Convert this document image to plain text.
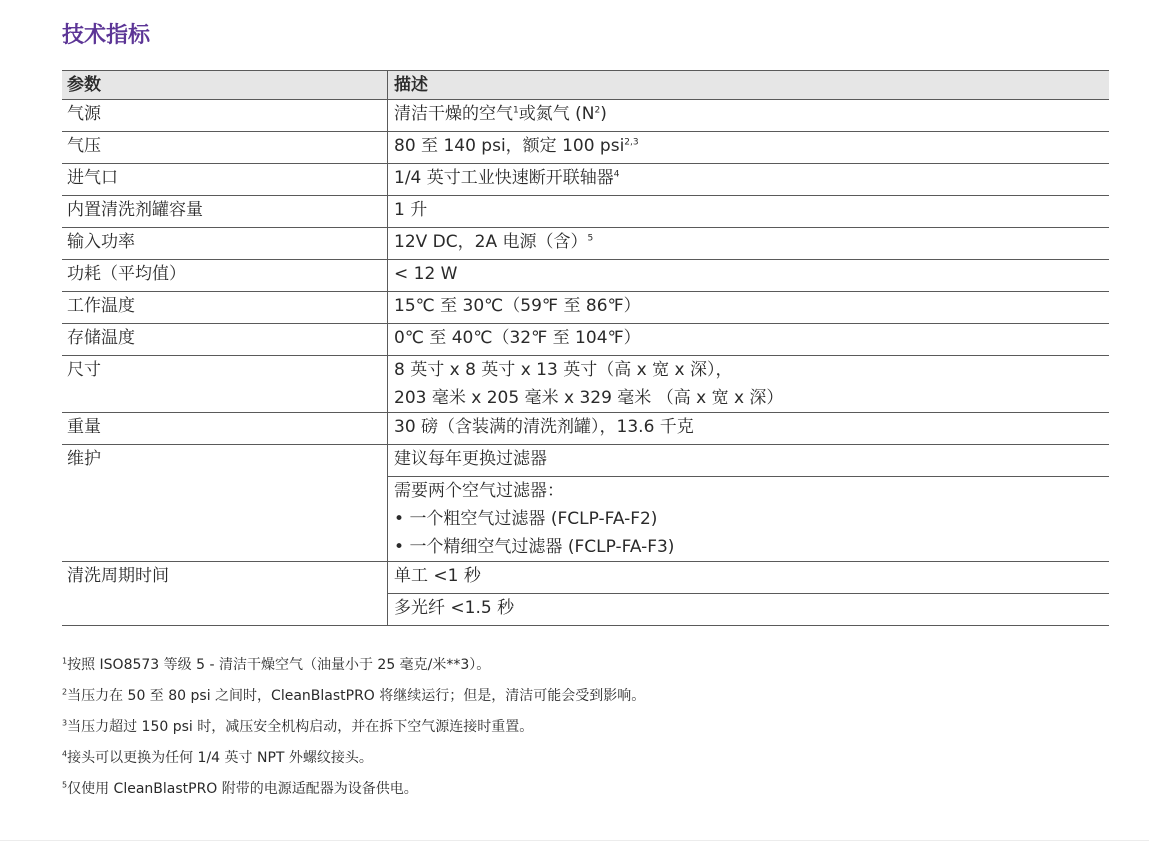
技术指标
参数	描述
气源	清洁干燥的空气$^1$或氮气 $(N^2)$
气压	80 至 140 psi，额定 100 psi$^{2,3}$
进气口	1/4 英寸工业快速断开联轴器$^4$
内置清洗剂罐容量	1 升
输入功率	12V DC，2A 电源（含）$^5$
功耗（平均值）	< 12 W
工作温度	15℃ 至 30℃（59℉ 至 86℉）
存储温度	0℃ 至 40℃（32℉ 至 104℉）
尺寸	8 英寸 x 8 英寸 x 13 英寸（高 x 宽 x 深），
203 毫米 x 205 毫米 x 329 毫米 （高 x 宽 x 深）

重量	30 磅（含装满的清洗剂罐），13.6 千克
维护	建议每年更换过滤器

	需要两个空气过滤器：
• 一个粗空气过滤器 (FCLP-FA-F2)
• 一个精细空气过滤器 (FCLP-FA-F3)

清洗周期时间	单工 <1 秒
	多光纤 <1.5 秒
$^1$按照 ISO8573 等级 5 - 清洁干燥空气（油量小于 25 毫克/米**3）。
$^2$当压力在 50 至 80 psi 之间时，CleanBlastPRO 将继续运行；但是，清洁可能会受到影响。
$^3$当压力超过 150 psi 时，减压安全机构启动，并在拆下空气源连接时重置。
$^4$接头可以更换为任何 1/4 英寸 NPT 外螺纹接头。
$^5$仅使用 CleanBlastPRO 附带的电源适配器为设备供电。
